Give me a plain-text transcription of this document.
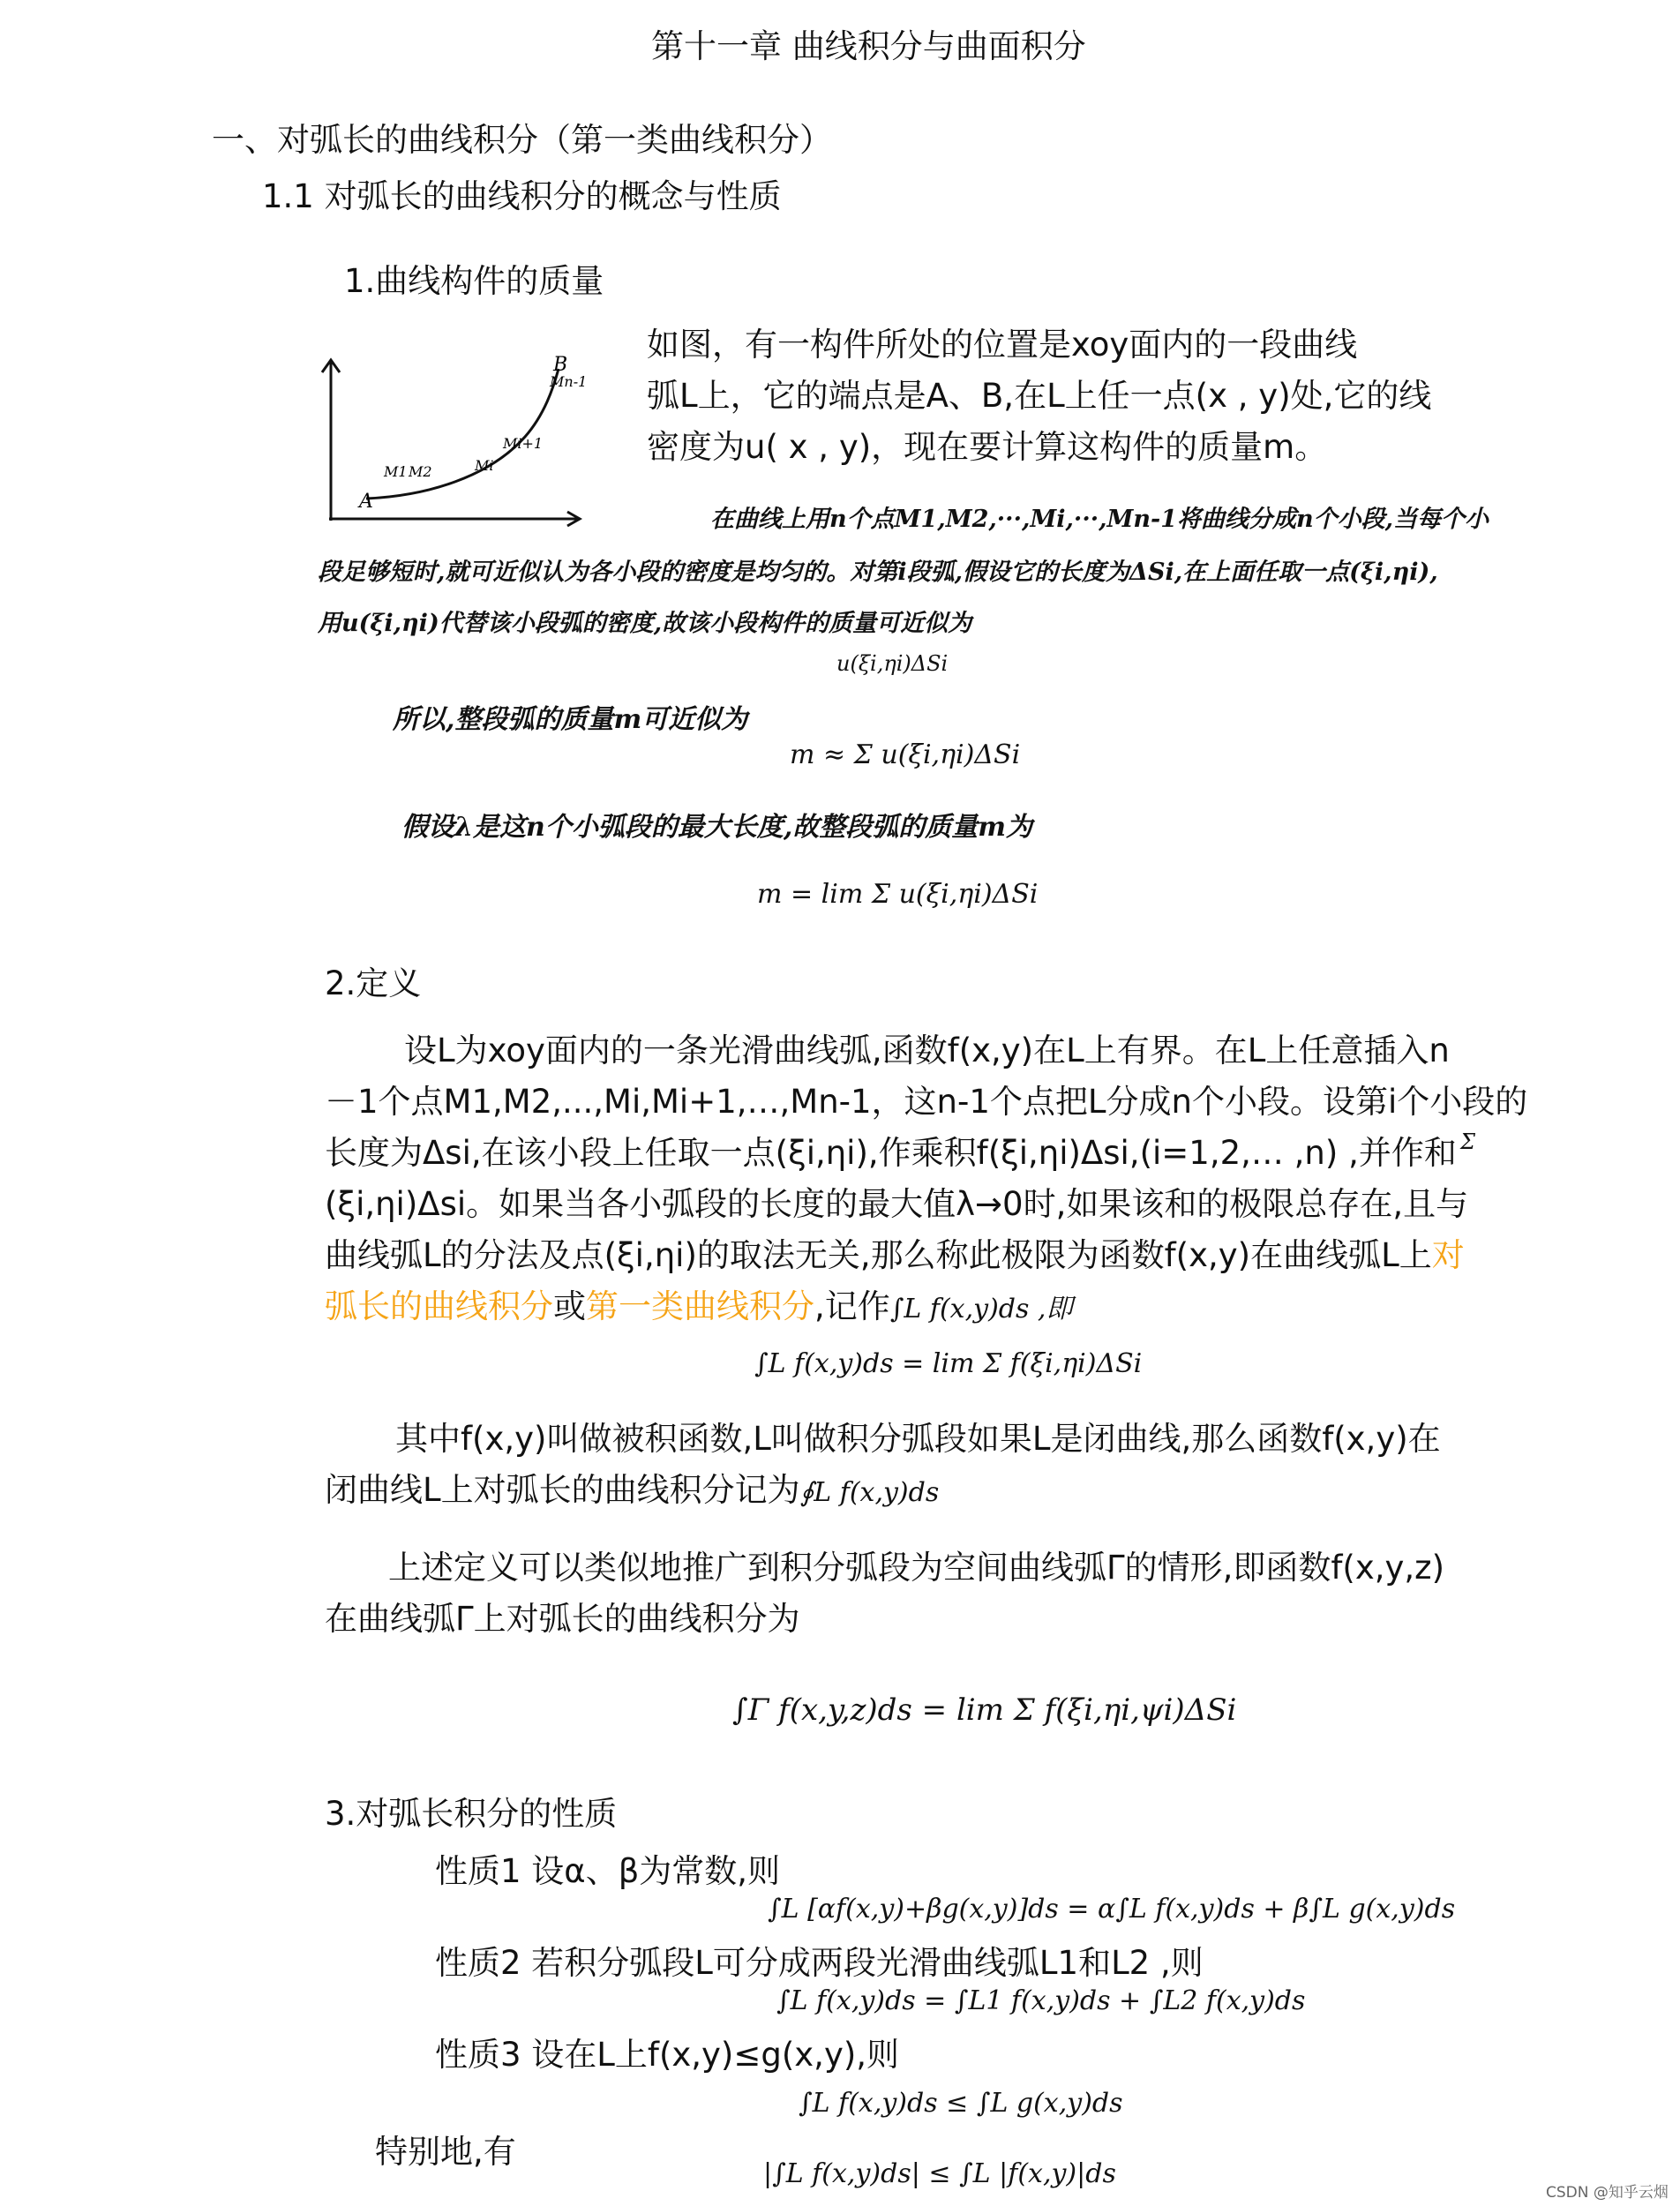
第十一章 曲线积分与曲面积分
一、对弧长的曲线积分（第一类曲线积分）
1.1 对弧长的曲线积分的概念与性质
1.曲线构件的质量
A
B
Mn-1
Mi+1
Mi
M1 M2
如图，有一构件所处的位置是xoy面内的一段曲线
弧L上，它的端点是A、B,在L上任一点(x , y)处,它的线
密度为u( x , y)，现在要计算这构件的质量m。
在曲线上用n个点M1,M2,···,Mi,···,Mn-1将曲线分成n个小段,当每个小
段足够短时,就可近似认为各小段的密度是均匀的。对第i段弧,假设它的长度为ΔSi,在上面任取一点(ξi,ηi),
用u(ξi,ηi)代替该小段弧的密度,故该小段构件的质量可近似为
u(ξi,ηi)ΔSi
所以,整段弧的质量m可近似为
m ≈ Σ u(ξi,ηi)ΔSi
假设λ是这n个小弧段的最大长度,故整段弧的质量m为
m = lim Σ u(ξi,ηi)ΔSi
2.定义
设L为xoy面内的一条光滑曲线弧,函数f(x,y)在L上有界。在L上任意插入n
－1个点M1,M2,...,Mi,Mi+1,…,Mn-1，这n-1个点把L分成n个小段。设第i个小段的
长度为Δsi,在该小段上任取一点(ξi,ηi),作乘积f(ξi,ηi)Δsi,(i=1,2,… ,n) ,并作和 Σ
(ξi,ηi)Δsi。如果当各小弧段的长度的最大值λ→0时,如果该和的极限总存在,且与
曲线弧L的分法及点(ξi,ηi)的取法无关,那么称此极限为函数f(x,y)在曲线弧L上对
弧长的曲线积分或第一类曲线积分,记作∫L f(x,y)ds ,即
∫L f(x,y)ds = lim Σ f(ξi,ηi)ΔSi
其中f(x,y)叫做被积函数,L叫做积分弧段如果L是闭曲线,那么函数f(x,y)在
闭曲线L上对弧长的曲线积分记为∮L f(x,y)ds
上述定义可以类似地推广到积分弧段为空间曲线弧Γ的情形,即函数f(x,y,z)
在曲线弧Γ上对弧长的曲线积分为
∫Γ f(x,y,z)ds = lim Σ f(ξi,ηi,ψi)ΔSi
3.对弧长积分的性质
性质1 设α、β为常数,则
∫L [αf(x,y)+βg(x,y)]ds = α∫L f(x,y)ds + β∫L g(x,y)ds
性质2 若积分弧段L可分成两段光滑曲线弧L1和L2 ,则
∫L f(x,y)ds = ∫L1 f(x,y)ds + ∫L2 f(x,y)ds
性质3 设在L上f(x,y)≤g(x,y),则
∫L f(x,y)ds ≤ ∫L g(x,y)ds
特别地,有
|∫L f(x,y)ds| ≤ ∫L |f(x,y)|ds
CSDN @知乎云烟
